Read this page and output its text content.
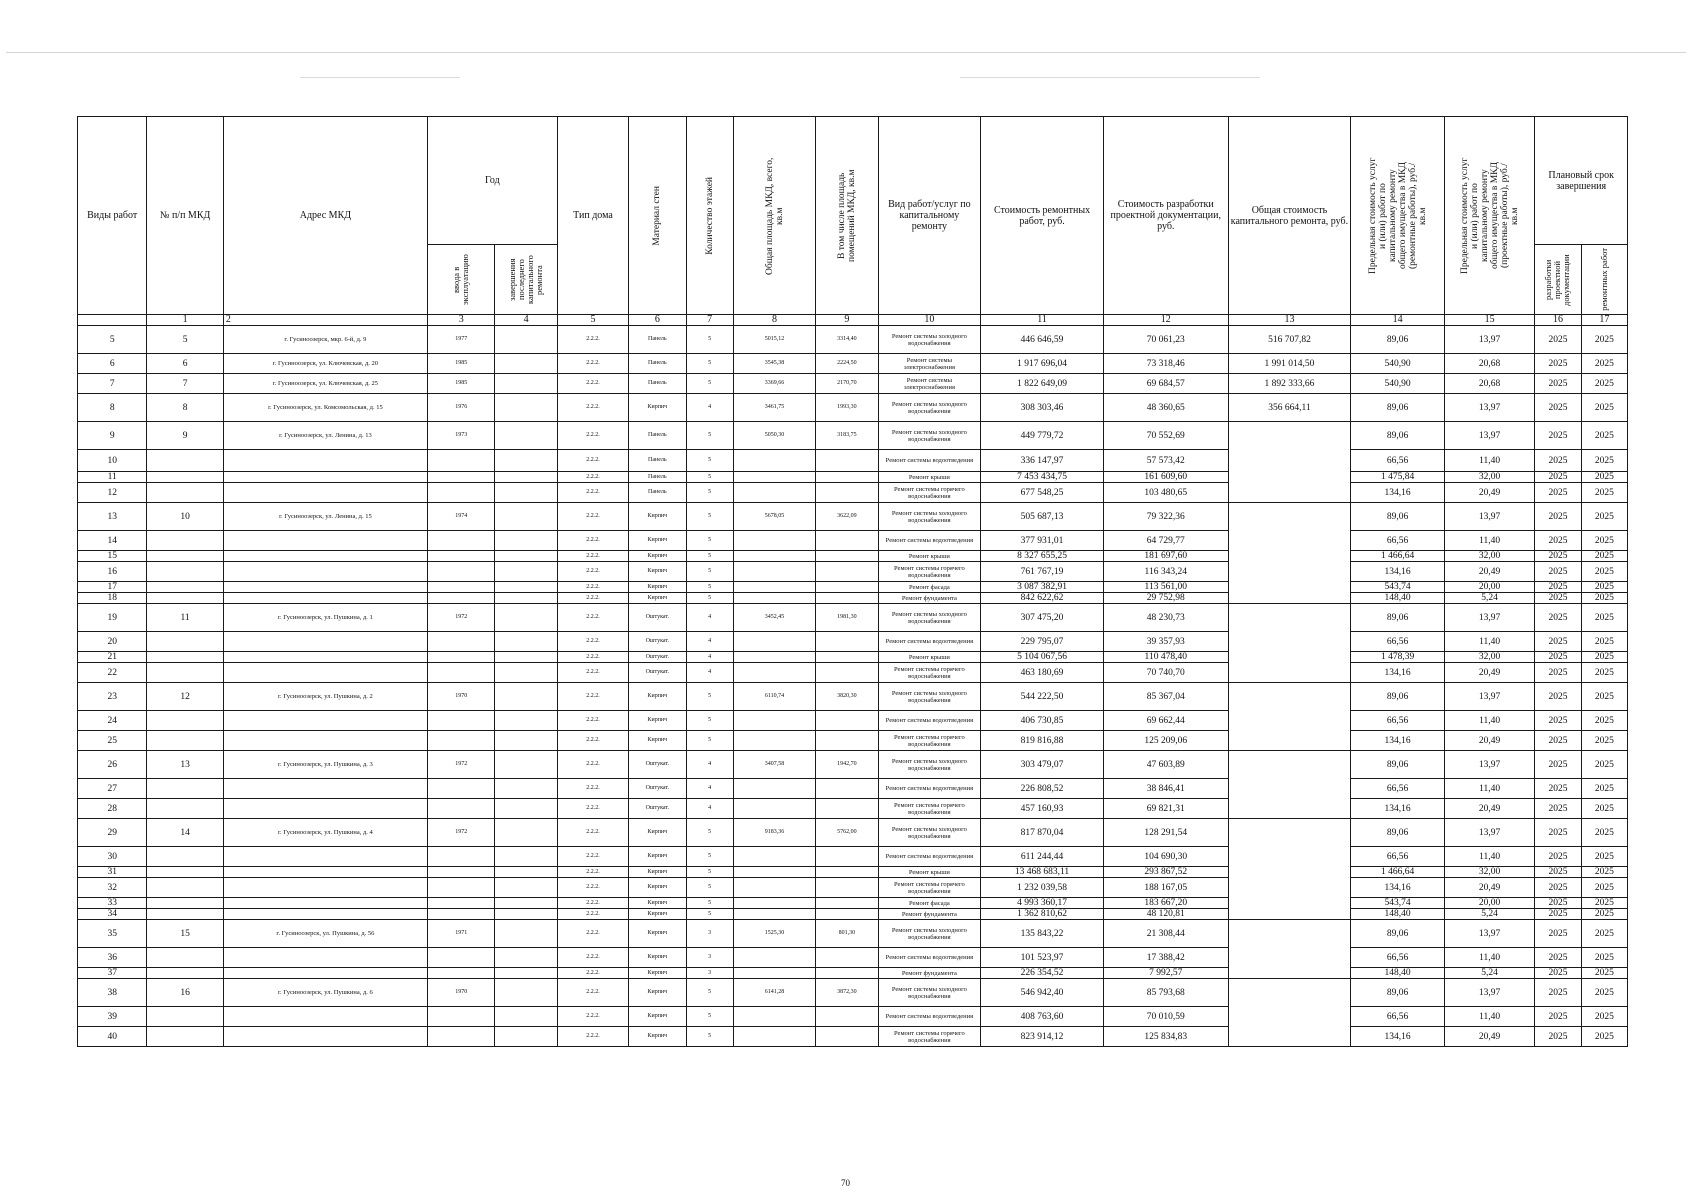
Виды работ	№ п/п МКД	Адрес МКД	Год		Тип дома	Материал стен	Количество этажей	Общая площадь МКД, всего, кв.м	В том числе площадь помещений МКД, кв.м	Вид работ/услуг по капитальному ремонту	Стоимость ремонтных работ, руб.	Стоимость разработки проектной документации, руб.	Общая стоимость капитального ремонта, руб.	Предельная стоимость услуг и (или) работ по капитальному ремонту общего имущества в МКД (ремонтные работы), руб./кв.м	Предельная стоимость услуг и (или) работ по капитальному ремонту общего имущества в МКД (проектные работы), руб./кв.м	Плановый срок завершения	

			ввода в эксплуатацию	завершения последнего капитального ремонта												разработки проектной документации	ремонтных работ

	1	2	3	4	5	6	7	8	9	10	11	12	13	14	15	16	17
5	5	г. Гусиноозерск, мкр. 6-й, д. 9	1977		2.2.2.	Панель	5	5015,12	3314,40	Ремонт системы холодного водоснабжения	446 646,59	70 061,23	516 707,82	89,06	13,97	2025	2025
6	6	г. Гусиноозерск, ул. Ключевская, д. 20	1985		2.2.2.	Панель	5	3545,38	2224,50	Ремонт системы электроснабжения	1 917 696,04	73 318,46	1 991 014,50	540,90	20,68	2025	2025
7	7	г. Гусиноозерск, ул. Ключевская, д. 25	1985		2.2.2.	Панель	5	3369,66	2170,70	Ремонт системы электроснабжения	1 822 649,09	69 684,57	1 892 333,66	540,90	20,68	2025	2025
8	8	г. Гусиноозерск, ул. Комсомольская, д. 15	1976		2.2.2.	Кирпич	4	3461,75	1993,30	Ремонт системы холодного водоснабжения	308 303,46	48 360,65	356 664,11	89,06	13,97	2025	2025
9	9	г. Гусиноозерск, ул. Ленина, д. 13	1973		2.2.2.	Панель	5	5050,30	3183,75	Ремонт системы холодного водоснабжения	449 779,72	70 552,69		89,06	13,97	2025	2025
10					2.2.2.	Панель	5			Ремонт системы водоотведения	336 147,97	57 573,42		66,56	11,40	2025	2025
11					2.2.2.	Панель	5			Ремонт крыши	7 453 434,75	161 609,60		1 475,84	32,00	2025	2025
12					2.2.2.	Панель	5			Ремонт системы горячего водоснабжения	677 548,25	103 480,65		134,16	20,49	2025	2025
13	10	г. Гусиноозерск, ул. Ленина, д. 15	1974		2.2.2.	Кирпич	5	5678,05	3622,09	Ремонт системы холодного водоснабжения	505 687,13	79 322,36		89,06	13,97	2025	2025
14					2.2.2.	Кирпич	5			Ремонт системы водоотведения	377 931,01	64 729,77		66,56	11,40	2025	2025
15					2.2.2.	Кирпич	5			Ремонт крыши	8 327 655,25	181 697,60		1 466,64	32,00	2025	2025
16					2.2.2.	Кирпич	5			Ремонт системы горячего водоснабжения	761 767,19	116 343,24		134,16	20,49	2025	2025
17					2.2.2.	Кирпич	5			Ремонт фасада	3 087 382,91	113 561,00		543,74	20,00	2025	2025
18					2.2.2.	Кирпич	5			Ремонт фундамента	842 622,62	29 752,98		148,40	5,24	2025	2025
19	11	г. Гусиноозерск, ул. Пушкина, д. 1	1972		2.2.2.	Оштукат.	4	3452,45	1981,30	Ремонт системы холодного водоснабжения	307 475,20	48 230,73		89,06	13,97	2025	2025
20					2.2.2.	Оштукат.	4			Ремонт системы водоотведения	229 795,07	39 357,93		66,56	11,40	2025	2025
21					2.2.2.	Оштукат.	4			Ремонт крыши	5 104 067,56	110 478,40		1 478,39	32,00	2025	2025
22					2.2.2.	Оштукат.	4			Ремонт системы горячего водоснабжения	463 180,69	70 740,70		134,16	20,49	2025	2025
23	12	г. Гусиноозерск, ул. Пушкина, д. 2	1970		2.2.2.	Кирпич	5	6110,74	3820,30	Ремонт системы холодного водоснабжения	544 222,50	85 367,04		89,06	13,97	2025	2025
24					2.2.2.	Кирпич	5			Ремонт системы водоотведения	406 730,85	69 662,44		66,56	11,40	2025	2025
25					2.2.2.	Кирпич	5			Ремонт системы горячего водоснабжения	819 816,88	125 209,06		134,16	20,49	2025	2025
26	13	г. Гусиноозерск, ул. Пушкина, д. 3	1972		2.2.2.	Оштукат.	4	3407,58	1942,70	Ремонт системы холодного водоснабжения	303 479,07	47 603,89		89,06	13,97	2025	2025
27					2.2.2.	Оштукат.	4			Ремонт системы водоотведения	226 808,52	38 846,41		66,56	11,40	2025	2025
28					2.2.2.	Оштукат.	4			Ремонт системы горячего водоснабжения	457 160,93	69 821,31		134,16	20,49	2025	2025
29	14	г. Гусиноозерск, ул. Пушкина, д. 4	1972		2.2.2.	Кирпич	5	9183,36	5762,00	Ремонт системы холодного водоснабжения	817 870,04	128 291,54		89,06	13,97	2025	2025
30					2.2.2.	Кирпич	5			Ремонт системы водоотведения	611 244,44	104 690,30		66,56	11,40	2025	2025
31					2.2.2.	Кирпич	5			Ремонт крыши	13 468 683,11	293 867,52		1 466,64	32,00	2025	2025
32					2.2.2.	Кирпич	5			Ремонт системы горячего водоснабжения	1 232 039,58	188 167,05		134,16	20,49	2025	2025
33					2.2.2.	Кирпич	5			Ремонт фасада	4 993 360,17	183 667,20		543,74	20,00	2025	2025
34					2.2.2.	Кирпич	5			Ремонт фундамента	1 362 810,62	48 120,81		148,40	5,24	2025	2025
35	15	г. Гусиноозерск, ул. Пушкина, д. 56	1971		2.2.2.	Кирпич	3	1525,30	801,30	Ремонт системы холодного водоснабжения	135 843,22	21 308,44		89,06	13,97	2025	2025
36					2.2.2.	Кирпич	3			Ремонт системы водоотведения	101 523,97	17 388,42		66,56	11,40	2025	2025
37					2.2.2.	Кирпич	3			Ремонт фундамента	226 354,52	7 992,57		148,40	5,24	2025	2025
38	16	г. Гусиноозерск, ул. Пушкина, д. 6	1970		2.2.2.	Кирпич	5	6141,28	3872,30	Ремонт системы холодного водоснабжения	546 942,40	85 793,68		89,06	13,97	2025	2025
39					2.2.2.	Кирпич	5			Ремонт системы водоотведения	408 763,60	70 010,59		66,56	11,40	2025	2025
40					2.2.2.	Кирпич	5			Ремонт системы горячего водоснабжения	823 914,12	125 834,83		134,16	20,49	2025	2025
70
